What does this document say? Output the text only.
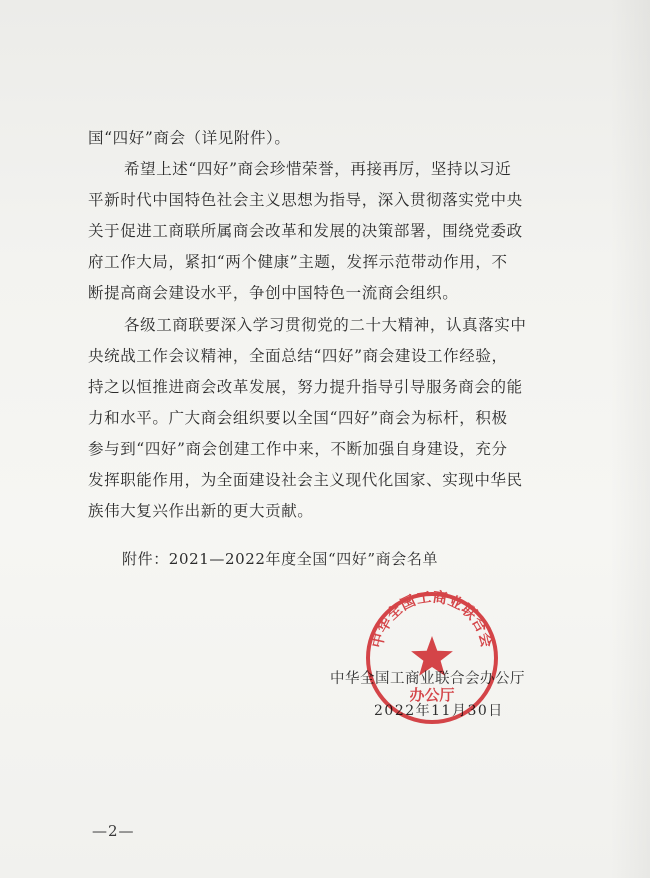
国“四好”商会（详见附件）。

希望上述“四好”商会珍惜荣誉，再接再厉，坚持以习近
平新时代中国特色社会主义思想为指导，深入贯彻落实党中央
关于促进工商联所属商会改革和发展的决策部署，围绕党委政
府工作大局，紧扣“两个健康”主题，发挥示范带动作用，不
断提高商会建设水平，争创中国特色一流商会组织。

各级工商联要深入学习贯彻党的二十大精神，认真落实中
央统战工作会议精神，全面总结“四好”商会建设工作经验，
持之以恒推进商会改革发展，努力提升指导引导服务商会的能
力和水平。广大商会组织要以全国“四好”商会为标杆，积极
参与到“四好”商会创建工作中来，不断加强自身建设，充分
发挥职能作用，为全面建设社会主义现代化国家、实现中华民
族伟大复兴作出新的更大贡献。

附件：2021—2022年度全国“四好”商会名单
中华全国工商业联合会办公厅
2022年11月30日
中华全国工商业联合会
办公厅
—2—
